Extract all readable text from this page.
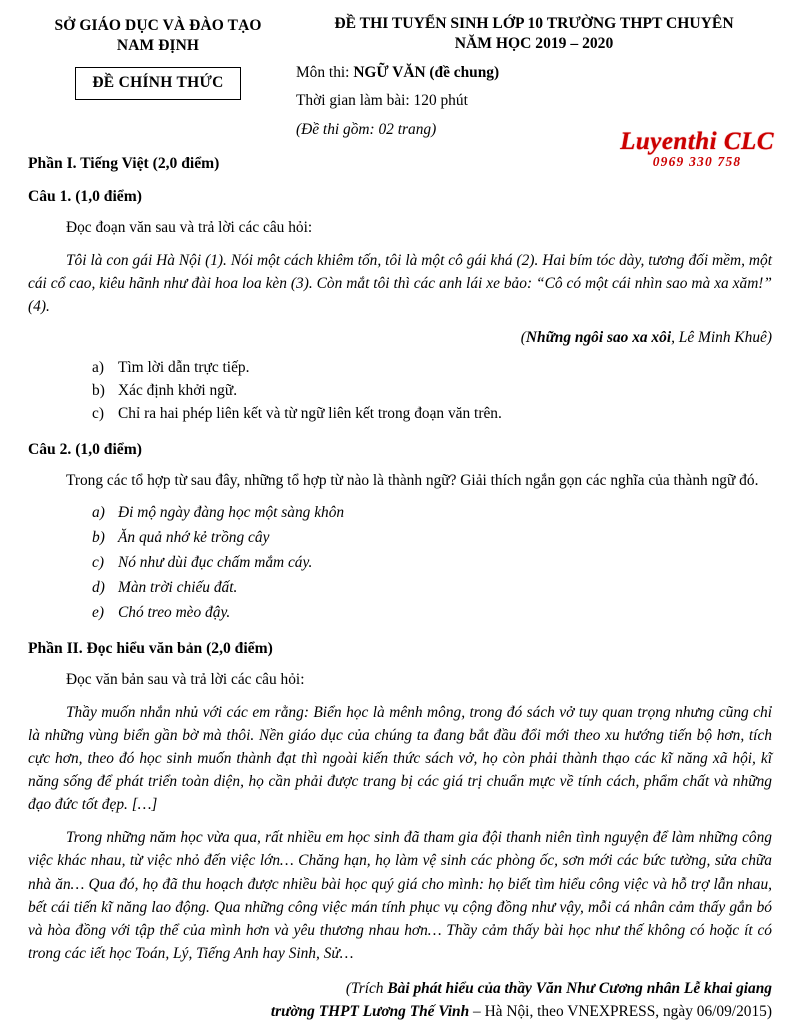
SỞ GIÁO DỤC VÀ ĐÀO TẠO
NAM ĐỊNH
ĐỀ CHÍNH THỨC
ĐỀ THI TUYỂN SINH LỚP 10 TRƯỜNG THPT CHUYÊN
NĂM HỌC 2019 – 2020
Môn thi: NGỮ VĂN (đề chung)
Thời gian làm bài: 120 phút
(Đề thi gồm: 02 trang)	Luyenthi CLC
0969 330 758
Phần I. Tiếng Việt (2,0 điểm)
Câu 1. (1,0 điểm)
Đọc đoạn văn sau và trả lời các câu hỏi:
Tôi là con gái Hà Nội (1). Nói một cách khiêm tốn, tôi là một cô gái khá (2). Hai bím tóc dày, tương đối mềm, một cái cổ cao, kiêu hãnh như đài hoa loa kèn (3). Còn mắt tôi thì các anh lái xe bảo: “Cô có một cái nhìn sao mà xa xăm!” (4).
(Những ngôi sao xa xôi, Lê Minh Khuê)
a) Tìm lời dẫn trực tiếp.
b) Xác định khởi ngữ.
c) Chỉ ra hai phép liên kết và từ ngữ liên kết trong đoạn văn trên.
Câu 2. (1,0 điểm)
Trong các tổ hợp từ sau đây, những tổ hợp từ nào là thành ngữ? Giải thích ngắn gọn các nghĩa của thành ngữ đó.
a) Đi mộ ngày đàng học một sàng khôn
b) Ăn quả nhớ kẻ trồng cây
c) Nó như dùi đục chấm mắm cáy.
d) Màn trời chiếu đất.
e) Chó treo mèo đậy.
Phần II. Đọc hiểu văn bản (2,0 điểm)
Đọc văn bản sau và trả lời các câu hỏi:
Thầy muốn nhắn nhủ với các em rằng: Biển học là mênh mông, trong đó sách vở tuy quan trọng nhưng cũng chỉ là những vùng biển gần bờ mà thôi. Nền giáo dục của chúng ta đang bắt đầu đổi mới theo xu hướng tiến bộ hơn, tích cực hơn, theo đó học sinh muốn thành đạt thì ngoài kiến thức sách vở, họ còn phải thành thạo các kĩ năng xã hội, kĩ năng sống để phát triển toàn diện, họ cần phải được trang bị các giá trị chuẩn mực về tính cách, phẩm chất và những đạo đức tốt đẹp. […]
Trong những năm học vừa qua, rất nhiều em học sinh đã tham gia đội thanh niên tình nguyện để làm những công việc khác nhau, từ việc nhỏ đến việc lớn… Chăng hạn, họ làm vệ sinh các phòng ốc, sơn mới các bức tường, sửa chữa nhà ăn… Qua đó, họ đã thu hoạch được nhiều bài học quý giá cho mình: họ biết tìm hiểu công việc và hỗ trợ lẫn nhau, bết cái tiến kĩ năng lao động. Qua những công việc mán tính phục vụ cộng đồng như vậy, mỗi cá nhân cảm thấy gắn bó và hòa đồng với tập thể của mình hơn và yêu thương nhau hơn… Thầy cảm thấy bài học như thế không có hoặc ít có trong các iết học Toán, Lý, Tiếng Anh hay Sinh, Sử…
(Trích Bài phát hiểu của thầy Văn Như Cương nhân Lễ khai giang
trường THPT Lương Thế Vinh – Hà Nội, theo VNEXPRESS, ngày 06/09/2015)
